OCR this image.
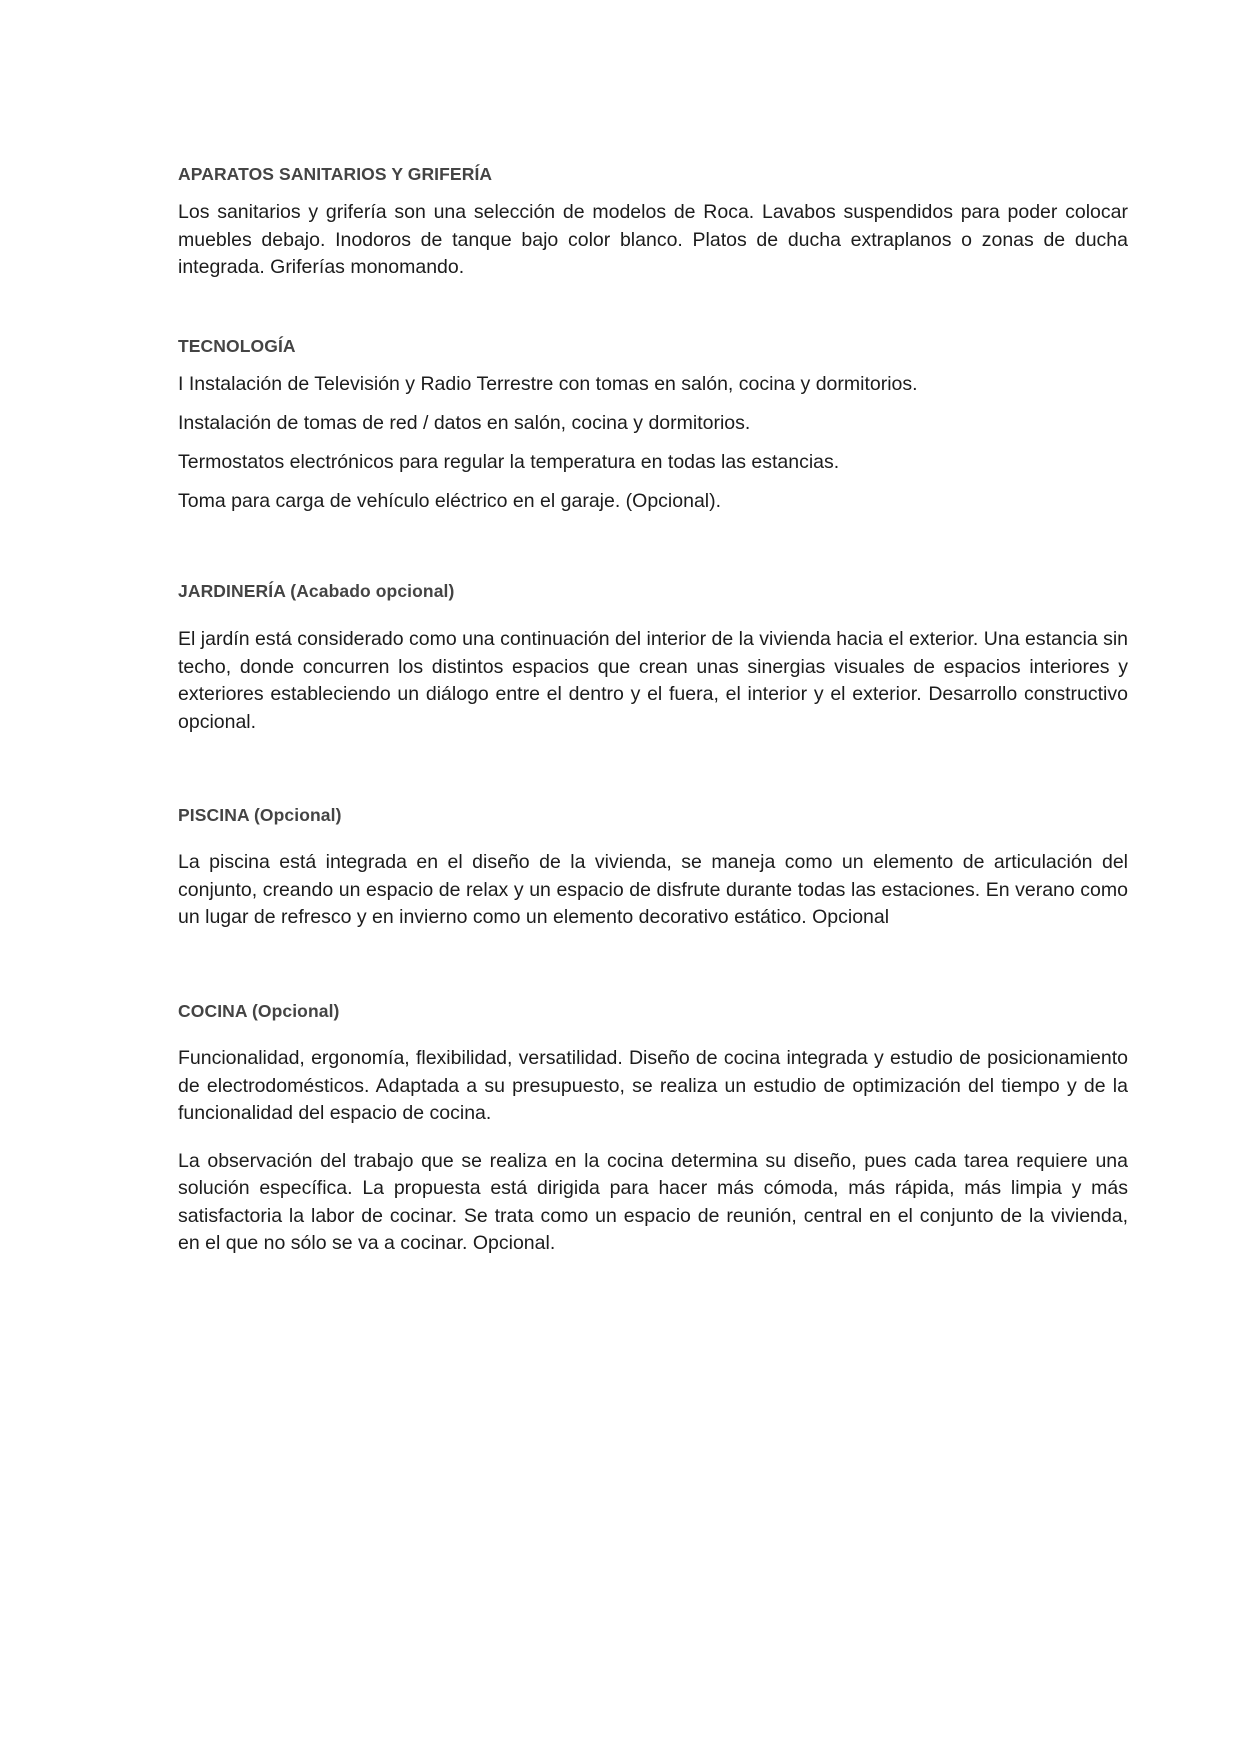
APARATOS SANITARIOS Y GRIFERÍA

Los sanitarios y grifería son una selección de modelos de Roca. Lavabos suspendidos para poder colocar muebles debajo. Inodoros de tanque bajo color blanco. Platos de ducha extraplanos o zonas de ducha integrada. Griferías monomando.

TECNOLOGÍA

I Instalación de Televisión y Radio Terrestre con tomas en salón, cocina y dormitorios.

Instalación de tomas de red / datos en salón, cocina y dormitorios.

Termostatos electrónicos para regular la temperatura en todas las estancias.

Toma para carga de vehículo eléctrico en el garaje. (Opcional).

JARDINERÍA (Acabado opcional)

El jardín está considerado como una continuación del interior de la vivienda hacia el exterior. Una estancia sin techo, donde concurren los distintos espacios que crean unas sinergias visuales de espacios interiores y exteriores estableciendo un diálogo entre el dentro y el fuera, el interior y el exterior. Desarrollo constructivo opcional.

PISCINA (Opcional)

La piscina está integrada en el diseño de la vivienda, se maneja como un elemento de articulación del conjunto, creando un espacio de relax y un espacio de disfrute durante todas las estaciones. En verano como un lugar de refresco y en invierno como un elemento decorativo estático. Opcional

COCINA (Opcional)

Funcionalidad, ergonomía, flexibilidad, versatilidad. Diseño de cocina integrada y estudio de posicionamiento de electrodomésticos. Adaptada a su presupuesto, se realiza un estudio de optimización del tiempo y de la funcionalidad del espacio de cocina.

La observación del trabajo que se realiza en la cocina determina su diseño, pues cada tarea requiere una solución específica. La propuesta está dirigida para hacer más cómoda, más rápida, más limpia y más satisfactoria la labor de cocinar. Se trata como un espacio de reunión, central en el conjunto de la vivienda, en el que no sólo se va a cocinar. Opcional.
